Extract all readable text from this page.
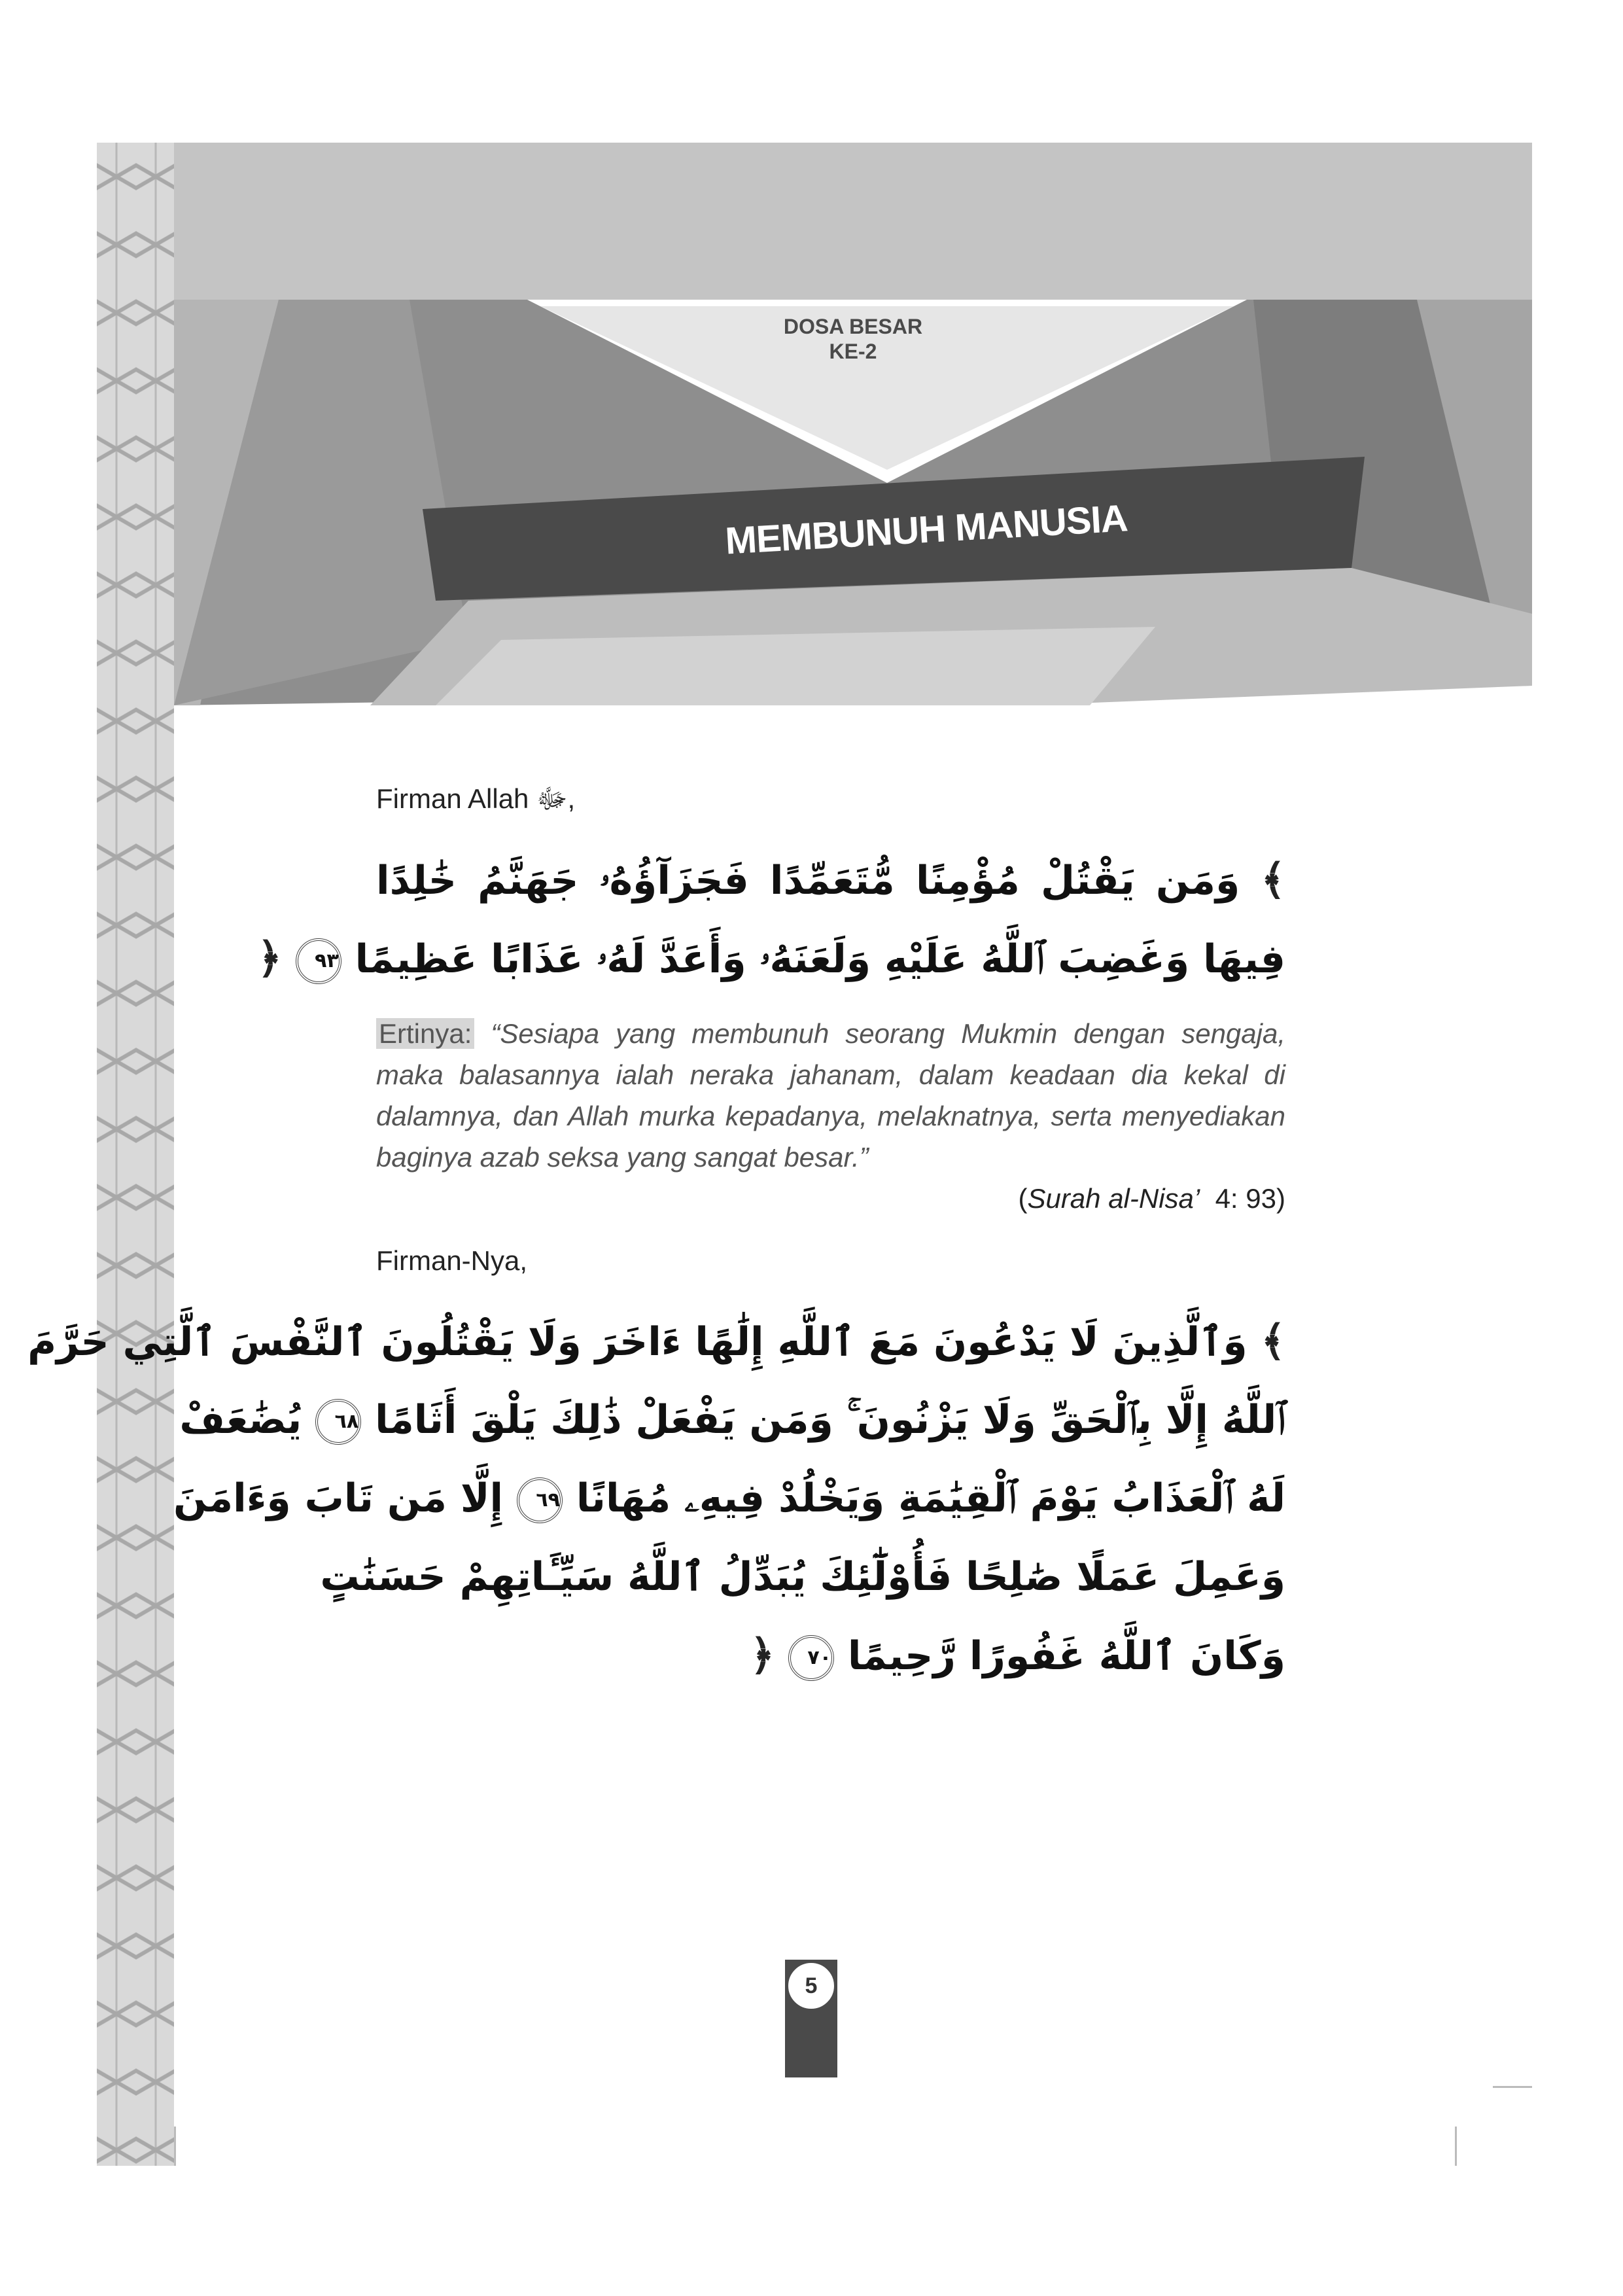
DOSA BESAR
KE-2
MEMBUNUH MANUSIA
Firman Allah ﷻ,
﴾ وَمَن يَقْتُلْ مُؤْمِنًا مُّتَعَمِّدًا فَجَزَآؤُهُۥ جَهَنَّمُ خَٰلِدًا
فِيهَا وَغَضِبَ ٱللَّهُ عَلَيْهِ وَلَعَنَهُۥ وَأَعَدَّ لَهُۥ عَذَابًا عَظِيمًا ٩٣ ﴿
Ertinya: “Sesiapa yang membunuh seorang Mukmin dengan sengaja, maka balasannya ialah neraka jahanam, dalam keadaan dia kekal di dalamnya, dan Allah murka kepadanya, melaknatnya, serta menyediakan baginya azab seksa yang sangat besar.”
(Surah al-Nisa’ 4: 93)
Firman-Nya,
﴾ وَٱلَّذِينَ لَا يَدْعُونَ مَعَ ٱللَّهِ إِلَٰهًا ءَاخَرَ وَلَا يَقْتُلُونَ ٱلنَّفْسَ ٱلَّتِي حَرَّمَ
ٱللَّهُ إِلَّا بِٱلْحَقِّ وَلَا يَزْنُونَ ۚ وَمَن يَفْعَلْ ذَٰلِكَ يَلْقَ أَثَامًا ٦٨ يُضَٰعَفْ
لَهُ ٱلْعَذَابُ يَوْمَ ٱلْقِيَٰمَةِ وَيَخْلُدْ فِيهِۦ مُهَانًا ٦٩ إِلَّا مَن تَابَ وَءَامَنَ
وَعَمِلَ عَمَلًا صَٰلِحًا فَأُوْلَٰٓئِكَ يُبَدِّلُ ٱللَّهُ سَيِّـَٔاتِهِمْ حَسَنَٰتٍ
وَكَانَ ٱللَّهُ غَفُورًا رَّحِيمًا ٧٠ ﴿
5
